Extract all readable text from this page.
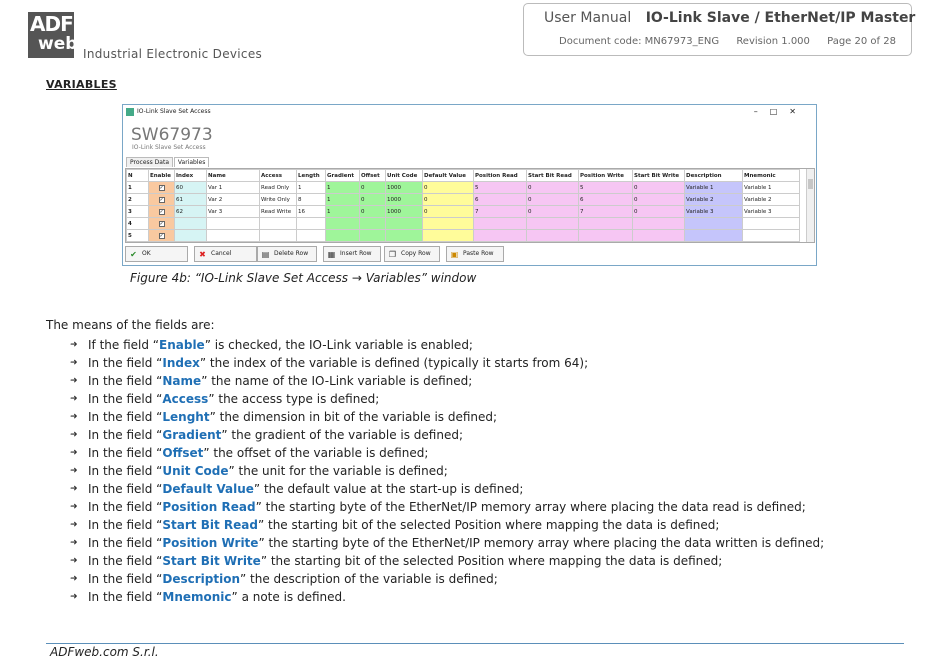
ADF
web Industrial Electronic Devices
User Manual IO-Link Slave / EtherNet/IP Master
Document code: MN67973_ENG Revision 1.000 Page 20 of 28
VARIABLES
IO-Link Slave Set Access	–□✕
SW67973
IO-Link Slave Set Access
Process Data Variables
N	Enable	Index	Name	Access	Length	Gradient	Offset	Unit Code	Default Value	Position Read	Start Bit Read	Position Write	Start Bit Write	Description	Mnemonic
1	✓	60	Var 1	Read Only	1	1	0	1000	0	5	0	5	0	Variable 1	Variable 1
2	✓	61	Var 2	Write Only	8	1	0	1000	0	6	0	6	0	Variable 2	Variable 2
3	✓	62	Var 3	Read Write	16	1	0	1000	0	7	0	7	0	Variable 3	Variable 3
4	✓														
5	✓														
✔ OK	✖ Cancel	▤ Delete Row	▦ Insert Row	❐ Copy Row	▣ Paste Row
Figure 4b: “IO-Link Slave Set Access → Variables” window
The means of the fields are:
➜ If the field “Enable” is checked, the IO-Link variable is enabled;
➜ In the field “Index” the index of the variable is defined (typically it starts from 64);
➜ In the field “Name” the name of the IO-Link variable is defined;
➜ In the field “Access” the access type is defined;
➜ In the field “Lenght” the dimension in bit of the variable is defined;
➜ In the field “Gradient” the gradient of the variable is defined;
➜ In the field “Offset” the offset of the variable is defined;
➜ In the field “Unit Code” the unit for the variable is defined;
➜ In the field “Default Value” the default value at the start-up is defined;
➜ In the field “Position Read” the starting byte of the EtherNet/IP memory array where placing the data read is defined;
➜ In the field “Start Bit Read” the starting bit of the selected Position where mapping the data is defined;
➜ In the field “Position Write” the starting byte of the EtherNet/IP memory array where placing the data written is defined;
➜ In the field “Start Bit Write” the starting bit of the selected Position where mapping the data is defined;
➜ In the field “Description” the description of the variable is defined;
➜ In the field “Mnemonic” a note is defined.
ADFweb.com S.r.l.
